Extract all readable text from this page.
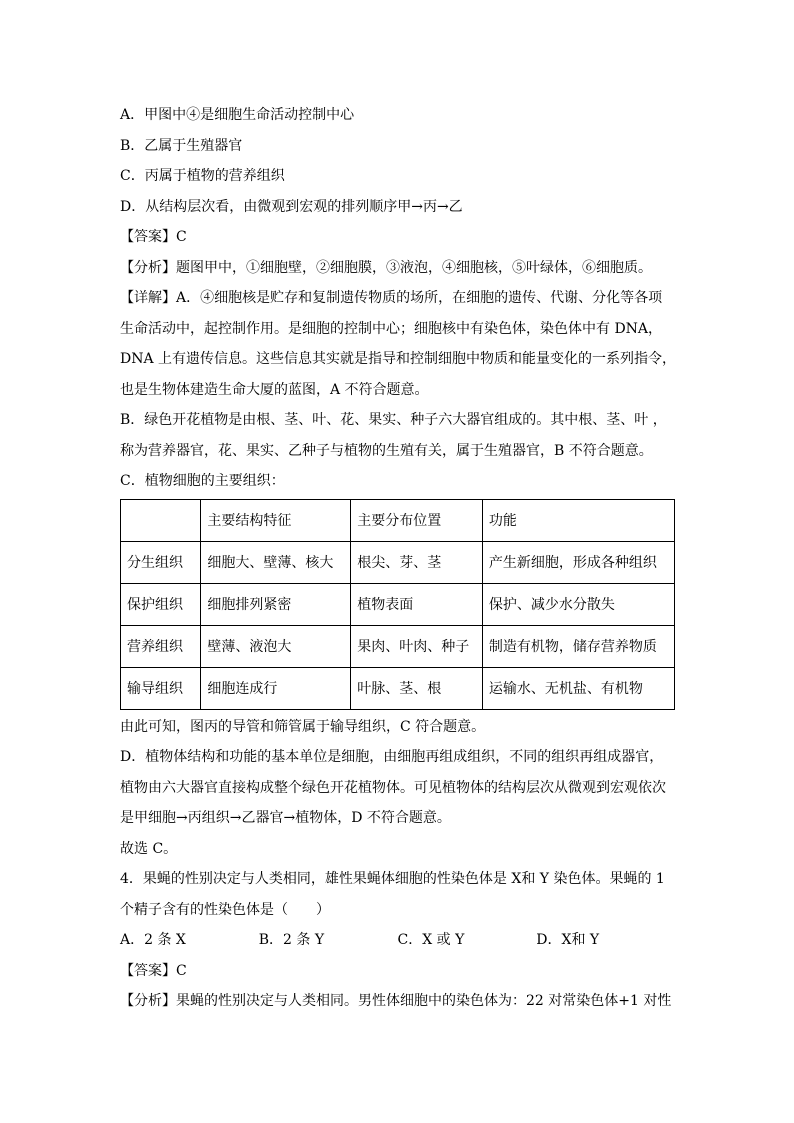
A．甲图中④是细胞生命活动控制中心
B．乙属于生殖器官
C．丙属于植物的营养组织
D．从结构层次看，由微观到宏观的排列顺序甲→丙→乙
【答案】C
【分析】题图甲中，①细胞壁，②细胞膜，③液泡，④细胞核，⑤叶绿体，⑥细胞质。
【详解】A．④细胞核是贮存和复制遗传物质的场所，在细胞的遗传、代谢、分化等各项
生命活动中，起控制作用。是细胞的控制中心；细胞核中有染色体，染色体中有 DNA，
DNA 上有遗传信息。这些信息其实就是指导和控制细胞中物质和能量变化的一系列指令，
也是生物体建造生命大厦的蓝图，A 不符合题意。
B．绿色开花植物是由根、茎、叶、花、果实、种子六大器官组成的。其中根、茎、叶 ，
称为营养器官，花、果实、乙种子与植物的生殖有关，属于生殖器官，B 不符合题意。
C．植物细胞的主要组织：
	主要结构特征	主要分布位置	功能
分生组织	细胞大、壁薄、核大	根尖、芽、茎	产生新细胞，形成各种组织
保护组织	细胞排列紧密	植物表面	保护、减少水分散失
营养组织	壁薄、液泡大	果肉、叶肉、种子	制造有机物，储存营养物质
输导组织	细胞连成行	叶脉、茎、根	运输水、无机盐、有机物
由此可知，图丙的导管和筛管属于输导组织，C 符合题意。
D．植物体结构和功能的基本单位是细胞，由细胞再组成组织，不同的组织再组成器官，
植物由六大器官直接构成整个绿色开花植物体。可见植物体的结构层次从微观到宏观依次
是甲细胞→丙组织→乙器官→植物体，D 不符合题意。
故选 C。
4．果蝇的性别决定与人类相同，雄性果蝇体细胞的性染色体是 X和 Y 染色体。果蝇的 1
个精子含有的性染色体是（　　）
A．2 条 X	B．2 条 Y	C．X 或 Y	D．X和 Y
【答案】C
【分析】果蝇的性别决定与人类相同。男性体细胞中的染色体为：22 对常染色体+1 对性
